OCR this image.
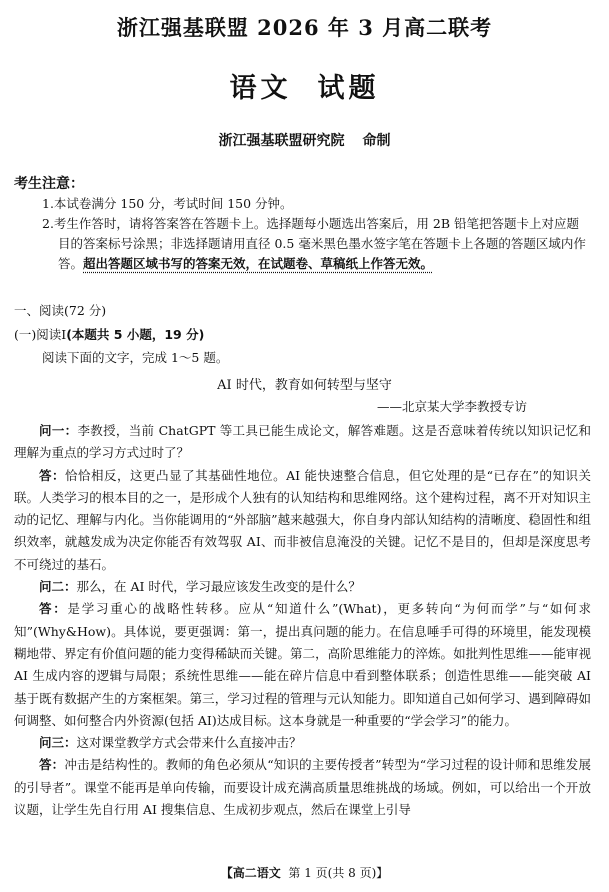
浙江强基联盟 2026 年 3 月高二联考
语文 试题
浙江强基联盟研究院 命制
考生注意：

1.本试卷满分 150 分，考试时间 150 分钟。

2.考生作答时，请将答案答在答题卡上。选择题每小题选出答案后，用 2B 铅笔把答题卡上对应题目的答案标号涂黑；非选择题请用直径 0.5 毫米黑色墨水签字笔在答题卡上各题的答题区域内作答。超出答题区域书写的答案无效，在试题卷、草稿纸上作答无效。

一、阅读(72 分)
(一)阅读Ⅰ(本题共 5 小题，19 分)
阅读下面的文字，完成 1～5 题。
AI 时代，教育如何转型与坚守
——北京某大学李教授专访

问一：李教授，当前 ChatGPT 等工具已能生成论文，解答难题。这是否意味着传统以知识记忆和理解为重点的学习方式过时了？

答：恰恰相反，这更凸显了其基础性地位。AI 能快速整合信息，但它处理的是“已存在”的知识关联。人类学习的根本目的之一，是形成个人独有的认知结构和思维网络。这个建构过程，离不开对知识主动的记忆、理解与内化。当你能调用的“外部脑”越来越强大，你自身内部认知结构的清晰度、稳固性和组织效率，就越发成为决定你能否有效驾驭 AI、而非被信息淹没的关键。记忆不是目的，但却是深度思考不可绕过的基石。

问二：那么，在 AI 时代，学习最应该发生改变的是什么？

答：是学习重心的战略性转移。应从“知道什么”(What)，更多转向“为何而学”与“如何求知”(Why&How)。具体说，要更强调：第一，提出真问题的能力。在信息唾手可得的环境里，能发现模糊地带、界定有价值问题的能力变得稀缺而关键。第二，高阶思维能力的淬炼。如批判性思维——能审视 AI 生成内容的逻辑与局限；系统性思维——能在碎片信息中看到整体联系；创造性思维——能突破 AI 基于既有数据产生的方案框架。第三，学习过程的管理与元认知能力。即知道自己如何学习、遇到障碍如何调整、如何整合内外资源(包括 AI)达成目标。这本身就是一种重要的“学会学习”的能力。

问三：这对课堂教学方式会带来什么直接冲击？

答：冲击是结构性的。教师的角色必须从“知识的主要传授者”转型为“学习过程的设计师和思维发展的引导者”。课堂不能再是单向传输，而要设计成充满高质量思维挑战的场域。例如，可以给出一个开放议题，让学生先自行用 AI 搜集信息、生成初步观点，然后在课堂上引导

【高二语文 第 1 页(共 8 页)】
